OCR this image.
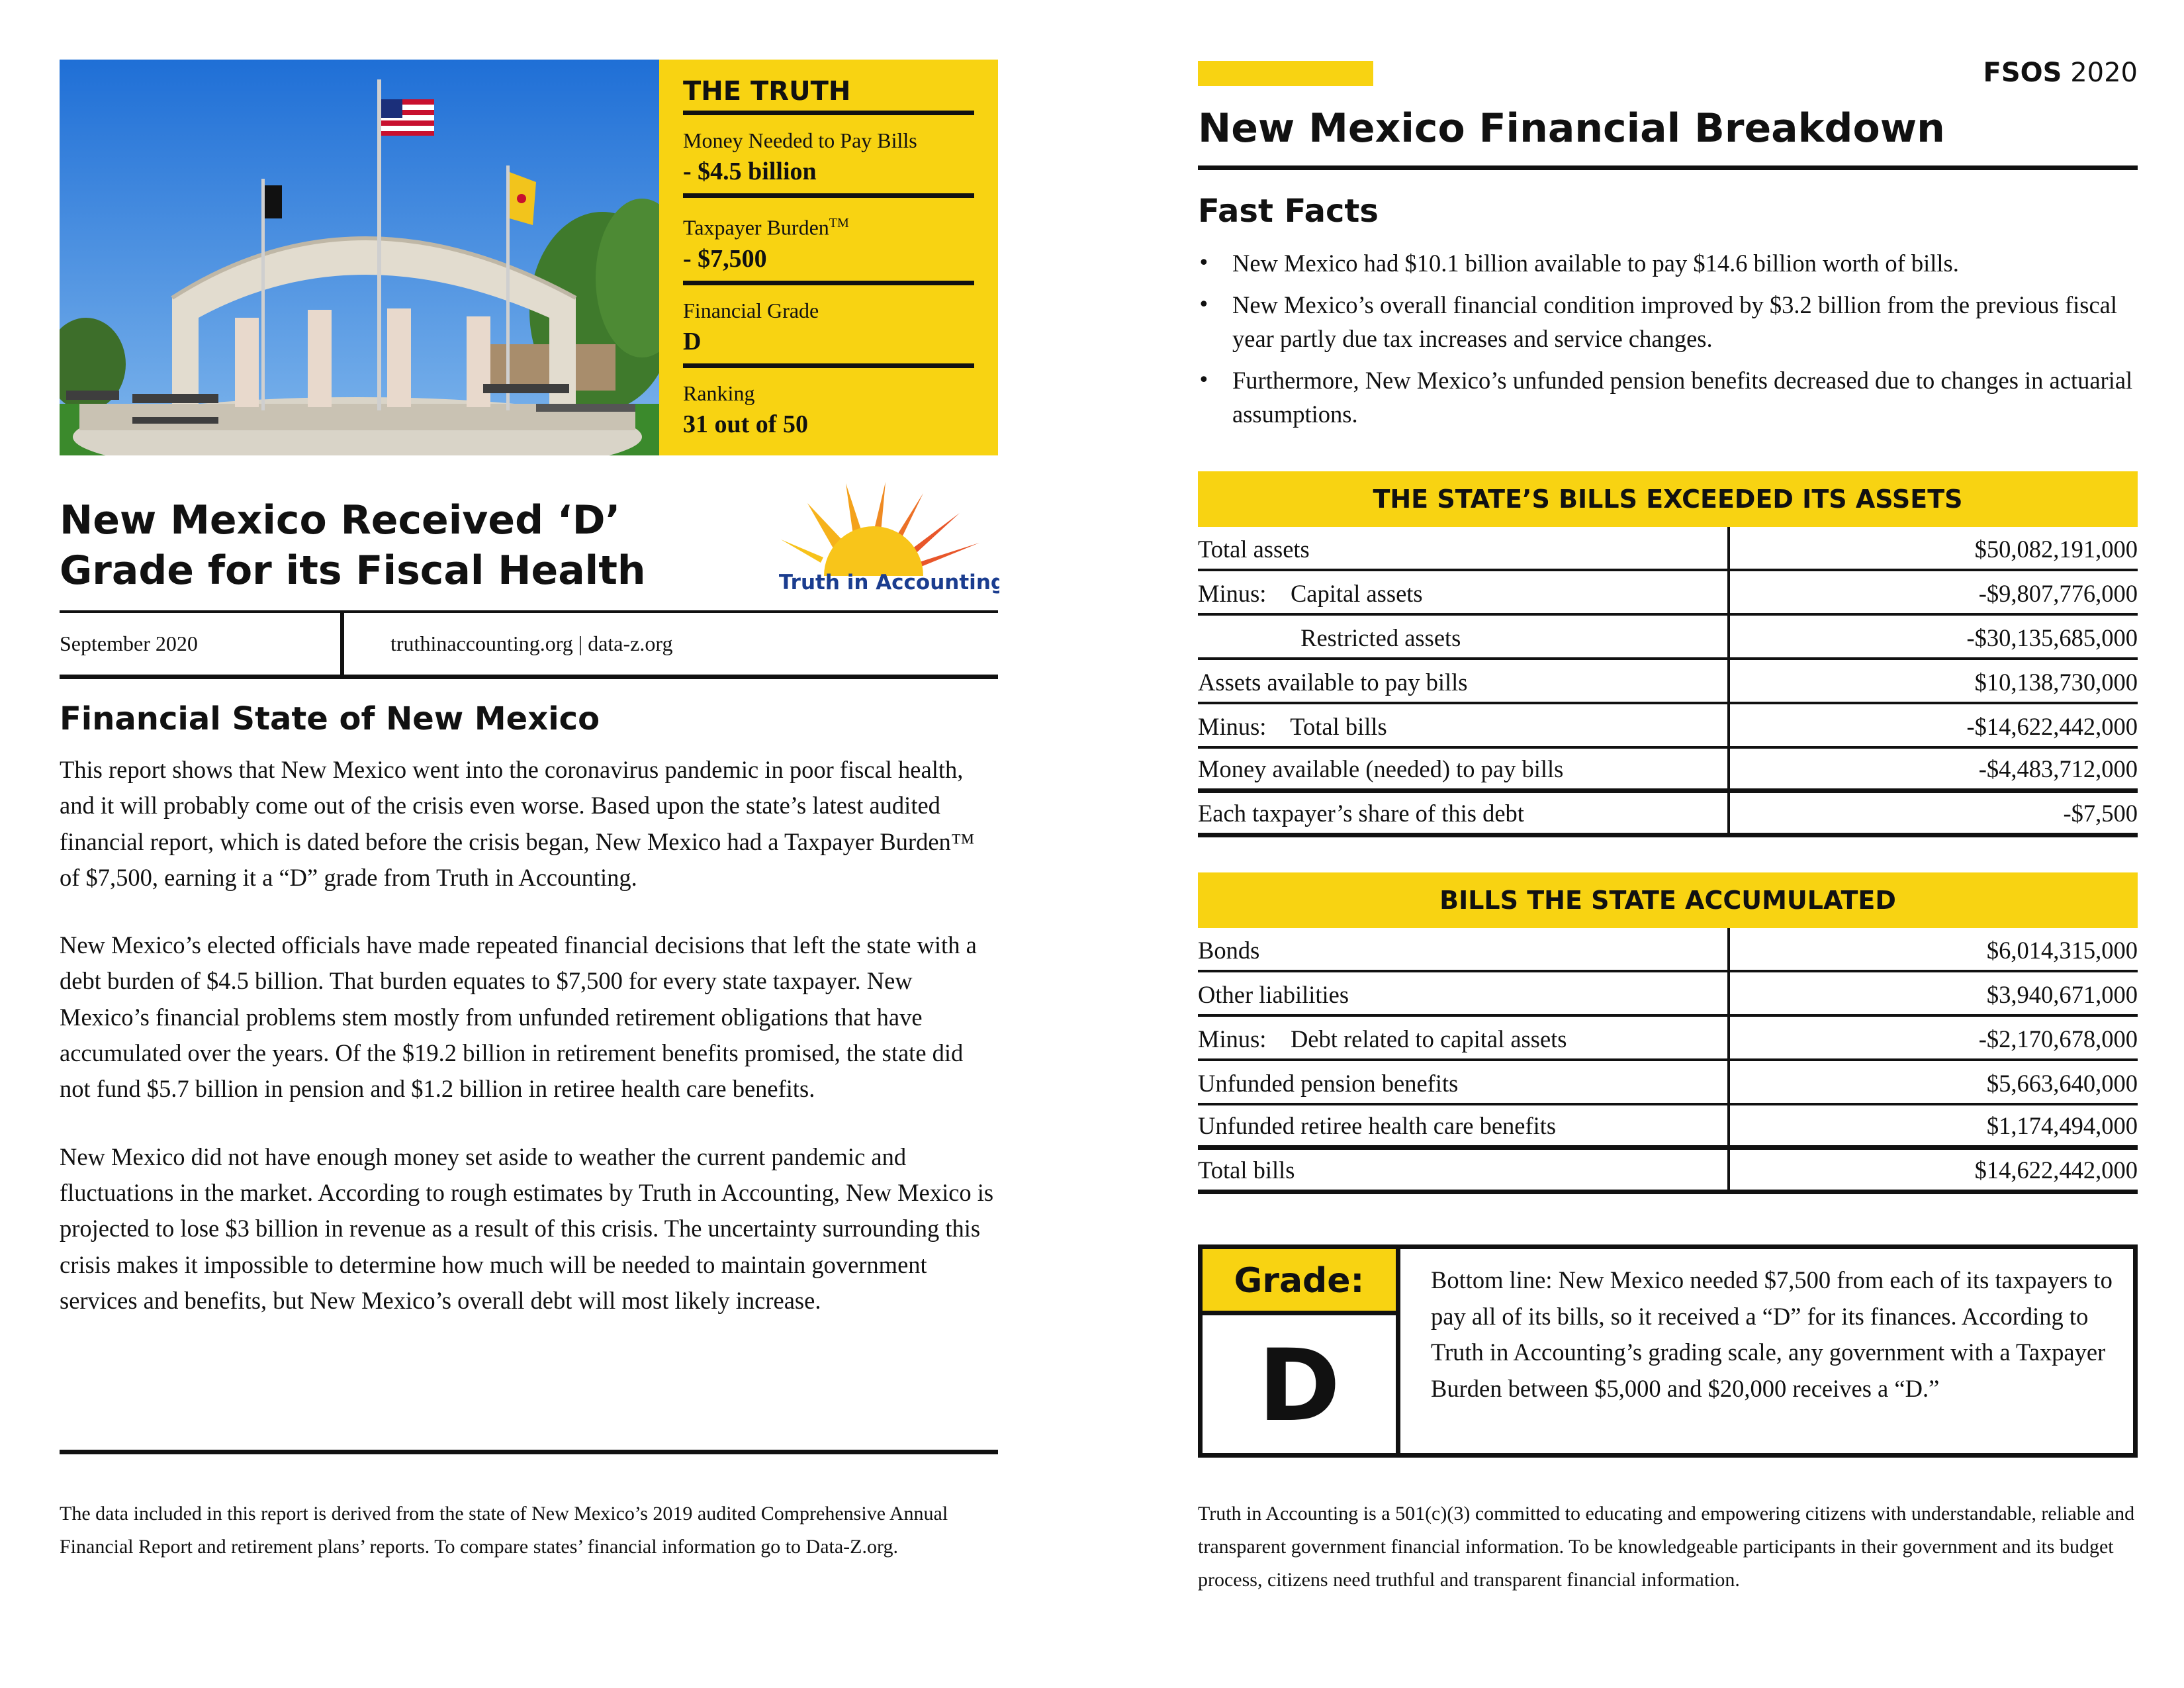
THE TRUTH
Money Needed to Pay Bills
- $4.5 billion
Taxpayer Burden™
- $7,500
Financial Grade
D
Ranking
31 out of 50
New Mexico Received ‘D’
Grade for its Fiscal Health	Truth in Accounting
September 2020	truthinaccounting.org | data-z.org
Financial State of New Mexico

This report shows that New Mexico went into the coronavirus pandemic in poor fiscal health, and it will probably come out of the crisis even worse. Based upon the state’s latest audited financial report, which is dated before the crisis began, New Mexico had a Taxpayer Burden™ of $7,500, earning it a “D” grade from Truth in Accounting.

New Mexico’s elected officials have made repeated financial decisions that left the state with a debt burden of $4.5 billion. That burden equates to $7,500 for every state taxpayer. New Mexico’s financial problems stem mostly from unfunded retirement obligations that have accumulated over the years. Of the $19.2 billion in retirement benefits promised, the state did not fund $5.7 billion in pension and $1.2 billion in retiree health care benefits.

New Mexico did not have enough money set aside to weather the current pandemic and fluctuations in the market. According to rough estimates by Truth in Accounting, New Mexico is projected to lose $3 billion in revenue as a result of this crisis. The uncertainty surrounding this crisis makes it impossible to determine how much will be needed to maintain government services and benefits, but New Mexico’s overall debt will most likely increase.

The data included in this report is derived from the state of New Mexico’s 2019 audited Comprehensive Annual Financial Report and retirement plans’ reports. To compare states’ financial information go to Data-Z.org.
FSOS 2020
New Mexico Financial Breakdown
Fast Facts
• New Mexico had $10.1 billion available to pay $14.6 billion worth of bills.
• New Mexico’s overall financial condition improved by $3.2 billion from the previous fiscal year partly due tax increases and service changes.
• Furthermore, New Mexico’s unfunded pension benefits decreased due to changes in actuarial assumptions.
THE STATE’S BILLS EXCEEDED ITS ASSETS
Total assets	$50,082,191,000
Minus:    Capital assets	-$9,807,776,000
Restricted assets	-$30,135,685,000
Assets available to pay bills	$10,138,730,000
Minus:    Total bills	-$14,622,442,000
Money available (needed) to pay bills	-$4,483,712,000
Each taxpayer’s share of this debt	-$7,500
BILLS THE STATE ACCUMULATED
Bonds	$6,014,315,000
Other liabilities	$3,940,671,000
Minus:    Debt related to capital assets	-$2,170,678,000
Unfunded pension benefits	$5,663,640,000
Unfunded retiree health care benefits	$1,174,494,000
Total bills	$14,622,442,000
Grade:
D
Bottom line: New Mexico needed $7,500 from each of its taxpayers to pay all of its bills, so it received a “D” for its finances. According to Truth in Accounting’s grading scale, any government with a Taxpayer Burden between $5,000 and $20,000 receives a “D.”
Truth in Accounting is a 501(c)(3) committed to educating and empowering citizens with understandable, reliable and transparent government financial information. To be knowledgeable participants in their government and its budget process, citizens need truthful and transparent financial information.
